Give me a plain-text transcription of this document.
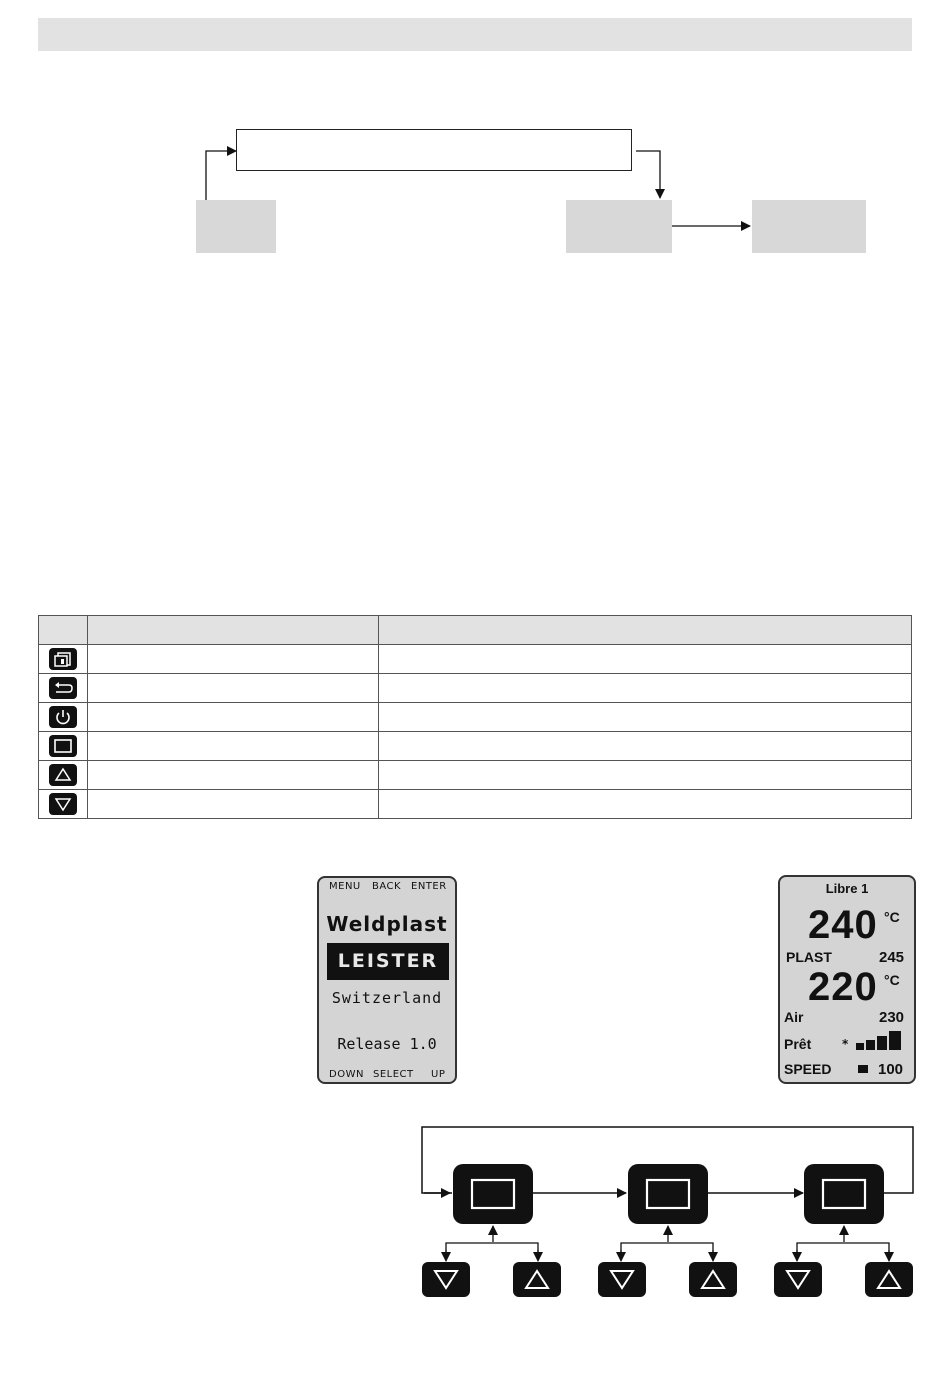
MENU BACK ENTER
Weldplast
LEISTER
Switzerland
Release 1.0
DOWN SELECT UP
Libre 1
240 °C
PLAST	245
220 °C
Air	230
Prêt	*
SPEED	100
